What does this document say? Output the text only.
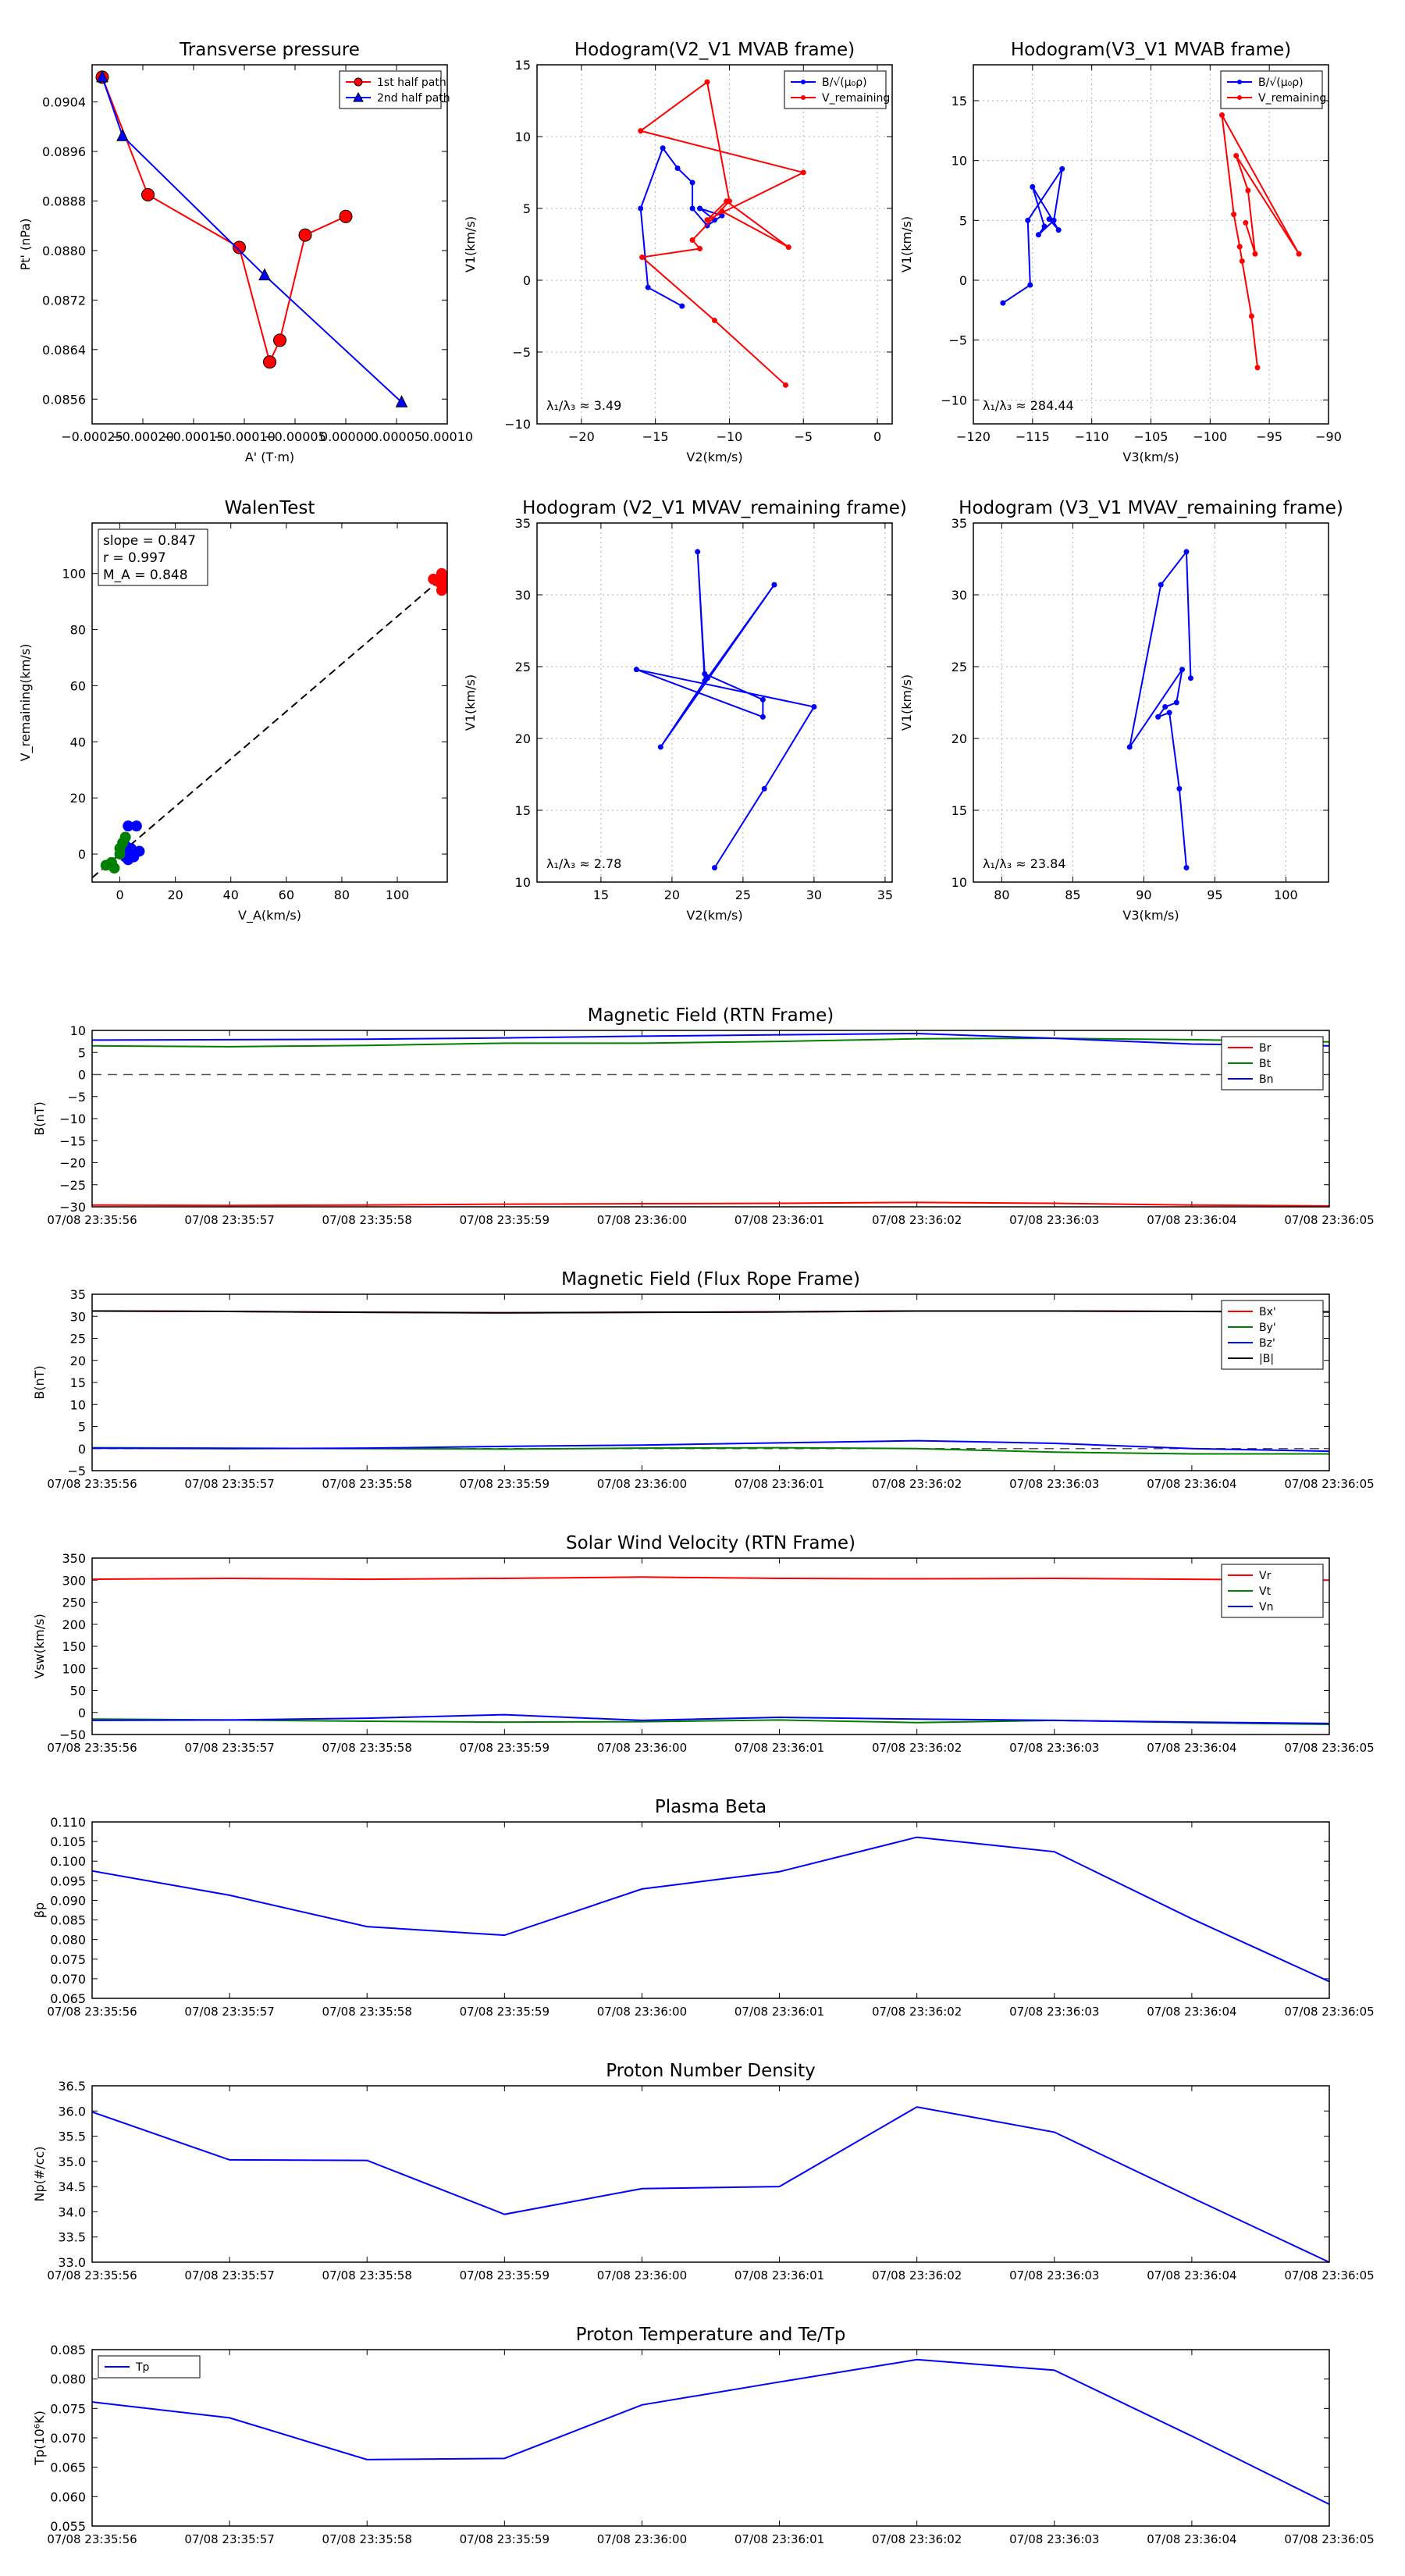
−0.00025
−0.00020
−0.00015
−0.00010
−0.00005
0.00000
0.00005
0.00010
0.0856
0.0864
0.0872
0.0880
0.0888
0.0896
0.0904
Transverse pressure
A' (T·m)
Pt' (nPa)
1st half path
2nd half path
−20	−15	−10	−5	0
−10
−5
0
5
10
15
Hodogram(V2_V1 MVAB frame)
V2(km/s)
V1(km/s)
λ₁/λ₃ ≈ 3.49
B/√(μ₀ρ)
V_remaining
−120 −115 −110 −105 −100 −95	−90
−10
−5
0
5
10
15
Hodogram(V3_V1 MVAB frame)
V3(km/s)
V1(km/s)
λ₁/λ₃ ≈ 284.44
B/√(μ₀ρ)
V_remaining
0	20	40	60	80	100
0
20
40
60
80
100
WalenTest
V_A(km/s)
V_remaining(km/s)
slope = 0.847
r = 0.997
M_A = 0.848
15	20	25	30	35
10
15
20
25
30
35
Hodogram (V2_V1 MVAV_remaining frame)
V2(km/s)
V1(km/s)
λ₁/λ₃ ≈ 2.78
80	85	90	95	100
10
15
20
25
30
35
Hodogram (V3_V1 MVAV_remaining frame)
V3(km/s)
V1(km/s)
λ₁/λ₃ ≈ 23.84
07/08 23:35:56	07/08 23:35:57	07/08 23:35:58	07/08 23:35:59	07/08 23:36:00	07/08 23:36:01	07/08 23:36:02	07/08 23:36:03	07/08 23:36:04	07/08 23:36:05
−30
−25
−20
−15
−10
−5
0
5
10
Magnetic Field (RTN Frame)
B(nT)
Br
Bt
Bn
07/08 23:35:56	07/08 23:35:57	07/08 23:35:58	07/08 23:35:59	07/08 23:36:00	07/08 23:36:01	07/08 23:36:02	07/08 23:36:03	07/08 23:36:04	07/08 23:36:05
−5
0
5
10
15
20
25
30
35
Magnetic Field (Flux Rope Frame)
B(nT)
Bx'
By'
Bz'
|B|
07/08 23:35:56	07/08 23:35:57	07/08 23:35:58	07/08 23:35:59	07/08 23:36:00	07/08 23:36:01	07/08 23:36:02	07/08 23:36:03	07/08 23:36:04	07/08 23:36:05
−50
0
50
100
150
200
250
300
350
Solar Wind Velocity (RTN Frame)
Vsw(km/s)
Vr
Vt
Vn
07/08 23:35:56	07/08 23:35:57	07/08 23:35:58	07/08 23:35:59	07/08 23:36:00	07/08 23:36:01	07/08 23:36:02	07/08 23:36:03	07/08 23:36:04	07/08 23:36:05
0.065
0.070
0.075
0.080
0.085
0.090
0.095
0.100
0.105
0.110
Plasma Beta
βp
07/08 23:35:56	07/08 23:35:57	07/08 23:35:58	07/08 23:35:59	07/08 23:36:00	07/08 23:36:01	07/08 23:36:02	07/08 23:36:03	07/08 23:36:04	07/08 23:36:05
33.0
33.5
34.0
34.5
35.0
35.5
36.0
36.5
Proton Number Density
Np(#/cc)
07/08 23:35:56	07/08 23:35:57	07/08 23:35:58	07/08 23:35:59	07/08 23:36:00	07/08 23:36:01	07/08 23:36:02	07/08 23:36:03	07/08 23:36:04	07/08 23:36:05
0.055
0.060
0.065
0.070
0.075
0.080
0.085
Proton Temperature and Te/Tp
Tp(10⁶K)
Tp
